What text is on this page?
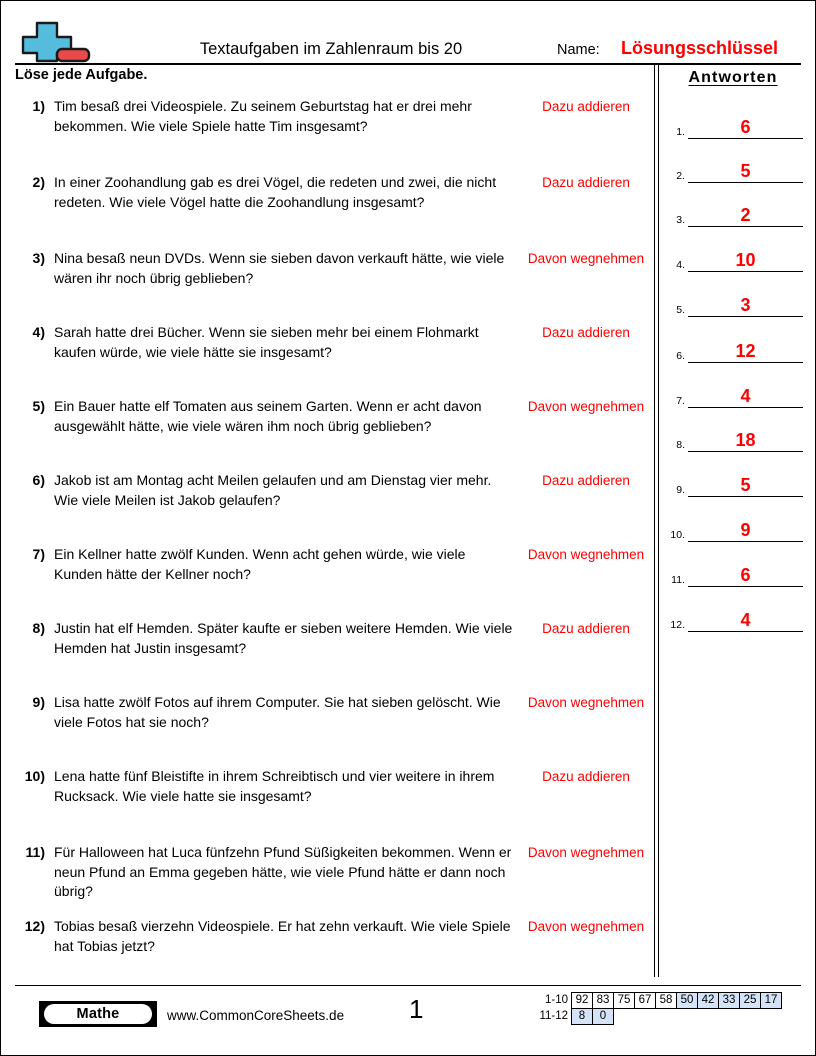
Textaufgaben im Zahlenraum bis 20	Name: Lösungsschlüssel
Löse jede Aufgabe.
1) Tim besaß drei Videospiele. Zu seinem Geburtstag hat er drei mehr bekommen. Wie viele Spiele hatte Tim insgesamt?
Dazu addieren
2) In einer Zoohandlung gab es drei Vögel, die redeten und zwei, die nicht redeten. Wie viele Vögel hatte die Zoohandlung insgesamt?
Dazu addieren
3) Nina besaß neun DVDs. Wenn sie sieben davon verkauft hätte, wie viele wären ihr noch übrig geblieben?
Davon wegnehmen
4) Sarah hatte drei Bücher. Wenn sie sieben mehr bei einem Flohmarkt kaufen würde, wie viele hätte sie insgesamt?
Dazu addieren
5) Ein Bauer hatte elf Tomaten aus seinem Garten. Wenn er acht davon ausgewählt hätte, wie viele wären ihm noch übrig geblieben?
Davon wegnehmen
6) Jakob ist am Montag acht Meilen gelaufen und am Dienstag vier mehr. Wie viele Meilen ist Jakob gelaufen?
Dazu addieren
7) Ein Kellner hatte zwölf Kunden. Wenn acht gehen würde, wie viele Kunden hätte der Kellner noch?
Davon wegnehmen
8) Justin hat elf Hemden. Später kaufte er sieben weitere Hemden. Wie viele Hemden hat Justin insgesamt?
Dazu addieren
9) Lisa hatte zwölf Fotos auf ihrem Computer. Sie hat sieben gelöscht. Wie viele Fotos hat sie noch?
Davon wegnehmen
10) Lena hatte fünf Bleistifte in ihrem Schreibtisch und vier weitere in ihrem Rucksack. Wie viele hatte sie insgesamt?
Dazu addieren
11) Für Halloween hat Luca fünfzehn Pfund Süßigkeiten bekommen. Wenn er neun Pfund an Emma gegeben hätte, wie viele Pfund hätte er dann noch übrig?
Davon wegnehmen
12) Tobias besaß vierzehn Videospiele. Er hat zehn verkauft. Wie viele Spiele hat Tobias jetzt?
Davon wegnehmen
Antworten
1.	6
2.	5
3.	2
4.	10
5.	3
6.	12
7.	4
8.	18
9.	5
10.	9
11.	6
12.	4
Mathe	www.CommonCoreSheets.de 1	1-10 92 83 75 67 58 50 42 33 25 17
11-12 8	0
